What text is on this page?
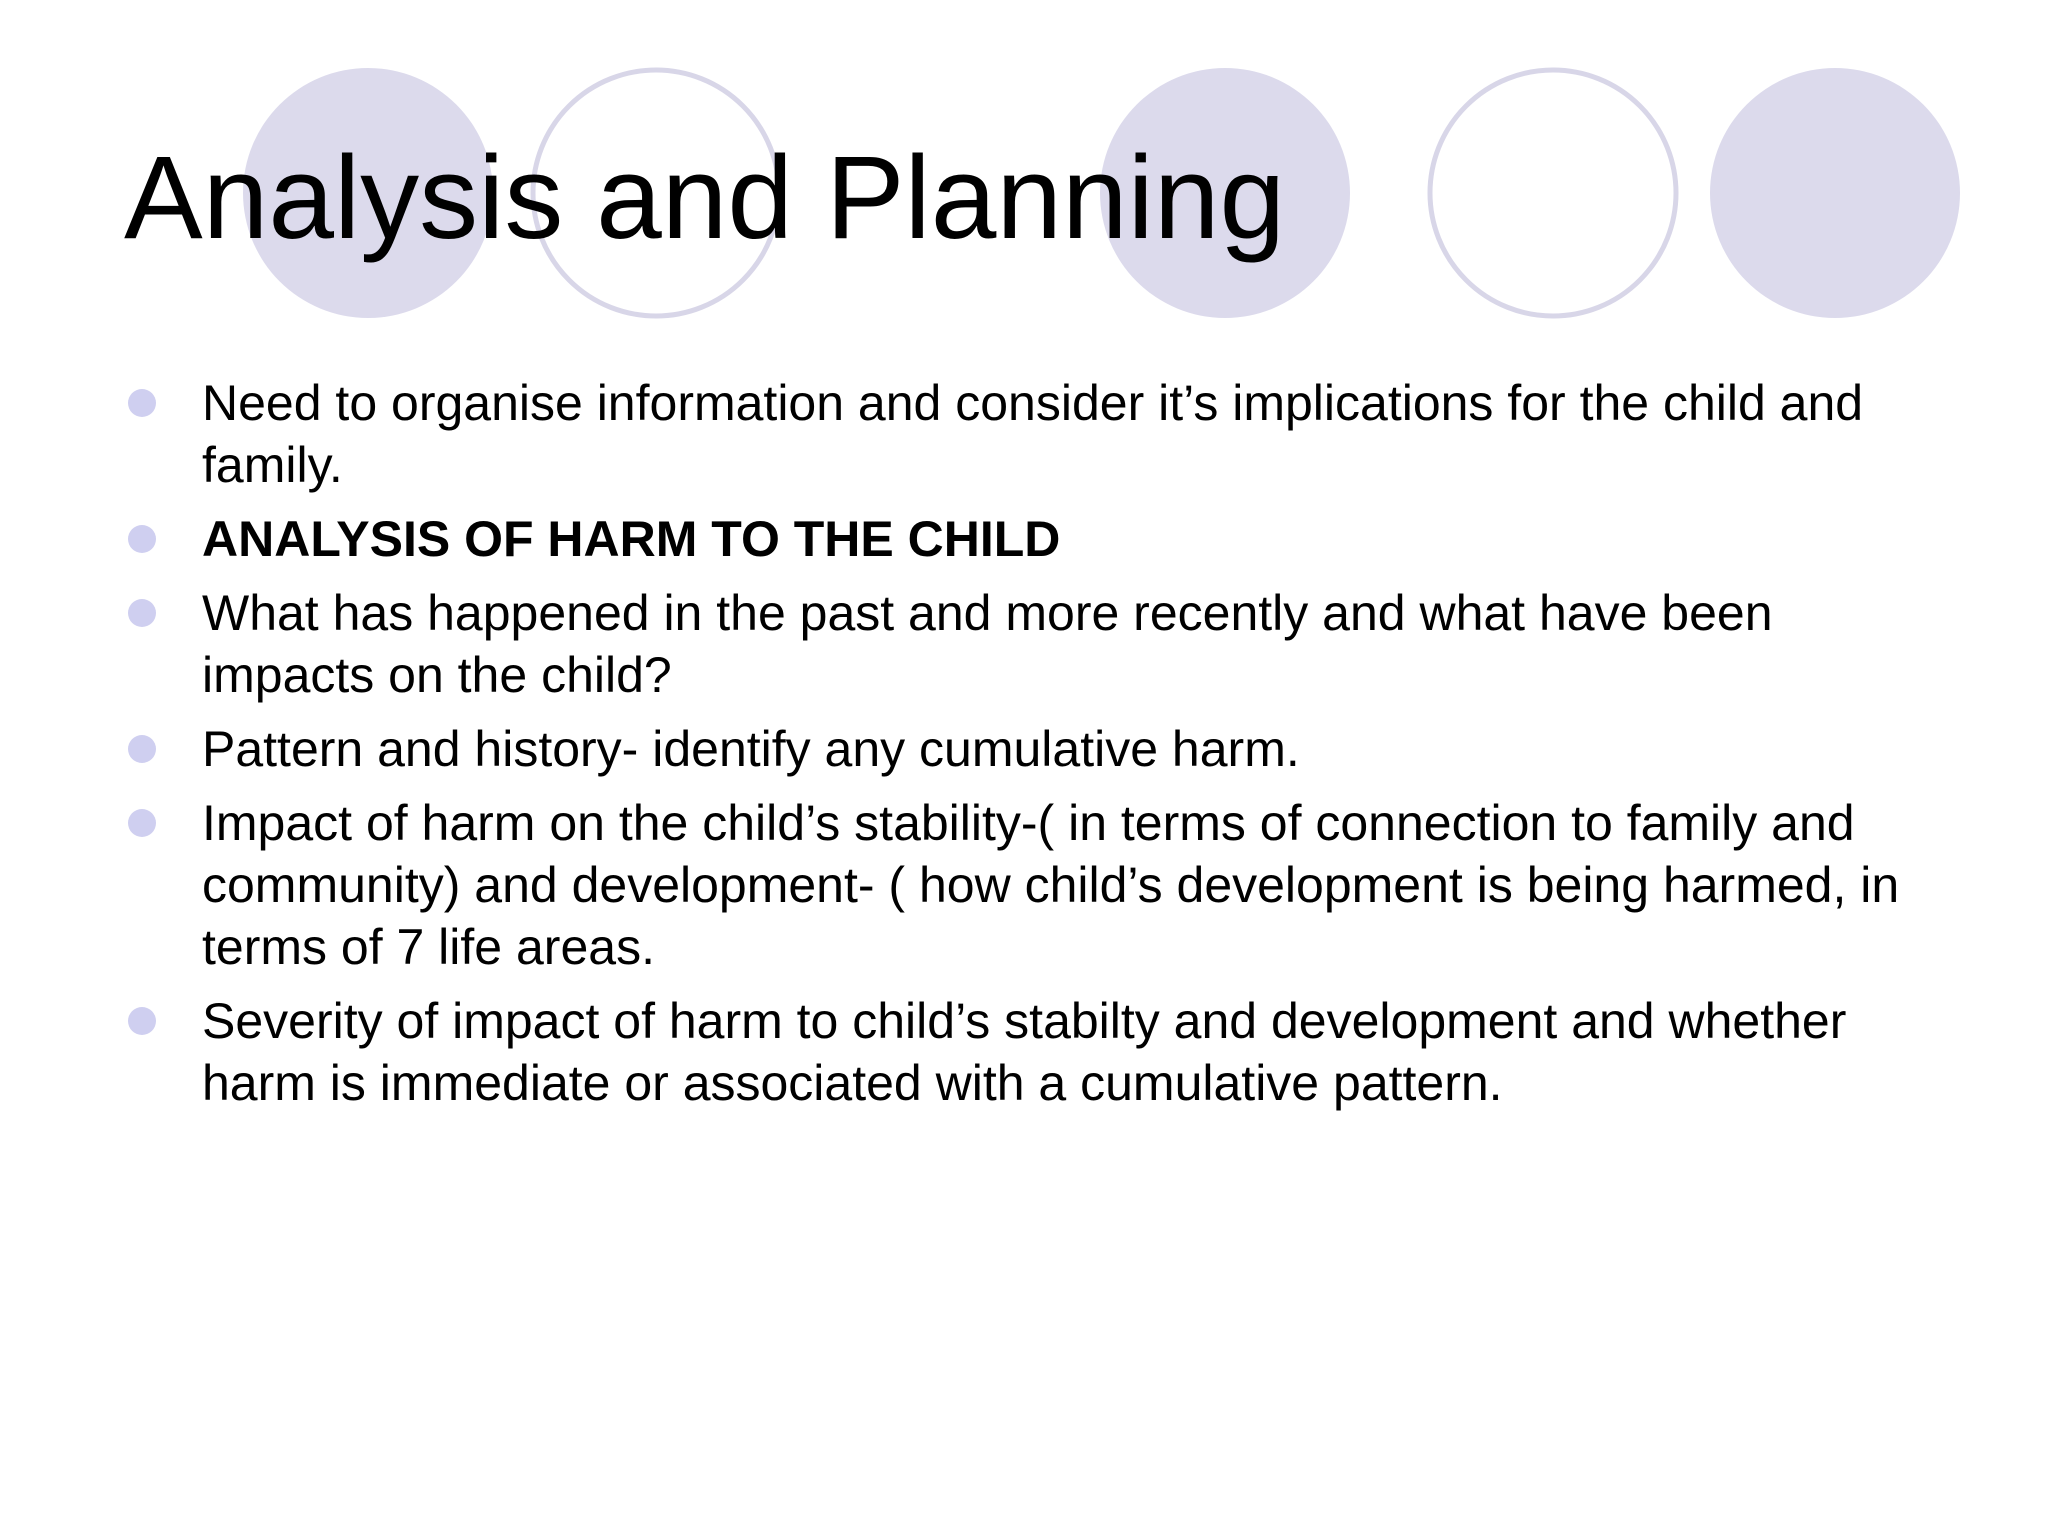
Analysis and Planning
Need to organise information and consider it’s implications for the child and family.
ANALYSIS OF HARM TO THE CHILD
What has happened in the past and more recently and what have been impacts on the child?
Pattern and history- identify any cumulative harm.
Impact of harm on the child’s stability-( in terms of connection to family and community) and development- ( how child’s development is being harmed, in terms of 7 life areas.
Severity of impact of harm to child’s stabilty and development and whether harm is immediate or associated with a cumulative pattern.
